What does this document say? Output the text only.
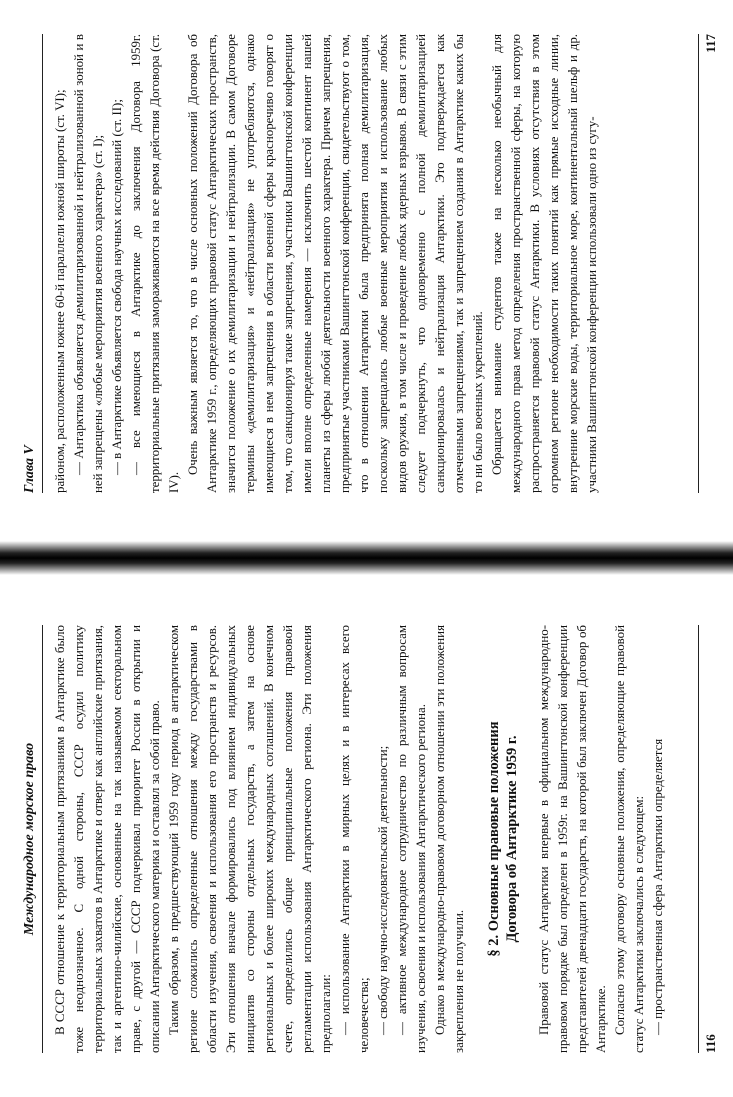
Международное морское право	В СССР отношение к территориальным притязаниям в Антарктике было тоже неоднозначное. С одной стороны, СССР осудил политику территориальных захватов в Антарктике и отверг как английские притязания, так и аргентино-чилийские, основанные на так называемом секторальном праве, с другой — СССР подчеркивал приоритет России в открытии и описании Антарктического материка и оставлял за собой право. Таким образом, в предшествующий 1959 году период в антарктическом регионе сложились определенные отношения между государствами в области изучения, освоения и использования его пространств и ресурсов. Эти отношения вначале формировались под влиянием индивидуальных инициатив со стороны отдельных государств, а затем на основе региональных и более широких международных соглашений. В конечном счете, определились общие принципиальные положения правовой регламентации использования Антарктического региона. Эти положения предполагали: — использование Антарктики в мирных целях и в интересах всего человечества; — свободу научно-исследовательской деятельности; — активное международное сотрудничество по различным вопросам изучения, освоения и использования Антарктического региона. Однако в международно-правовом договорном отношении эти положения закрепления не получили.

§ 2. Основные правовые положения Договора об Антарктике 1959 г. Правовой статус Антарктики впервые в официальном международно-правовом порядке был определен в 1959г. на Вашингтонской конференции представителей двенадцати государств, на которой был заключен Договор об Антарктике. Согласно этому договору основные положения, определяющие правовой статус Антарктики заключались в следующем: — пространственная сфера Антарктики определяется

116
Глава V	районом, расположенным южнее 60-й параллели южной широты (ст. VI); — Антарктика объявляется демилитаризованной и нейтрализованной зоной и в ней запрещены «любые мероприятия военного характера» (ст. I); — в Антарктике объявляется свобода научных исследований (ст. II); — все имеющиеся в Антарктике до заключения Договора 1959г. территориальные притязания замораживаются на все время действия Договора (ст. IV).

Очень важным является то, что в числе основных положений Договора об Антарктике 1959 г., определяющих правовой статус Антарктических пространств, значится положение о их демилитаризации и нейтрализации. В самом Договоре термины «демилитаризация» и «нейтрализация» не употребляются, однако имеющиеся в нем запрещения в области военной сферы красноречиво говорят о том, что санкционируя такие запрещения, участники Вашингтонской конференции имели вполне определенные намерения — исключить шестой континент нашей планеты из сферы любой деятельности военного характера. Причем запрещения, предпринятые участниками Вашингтонской конференции, свидетельствуют о том, что в отношении Антарктики была предпринята полная демилитаризация, поскольку запрещались любые военные мероприятия и использование любых видов оружия, в том числе и проведение любых ядерных взрывов. В связи с этим следует подчеркнуть, что одновременно с полной демилитаризацией санкционировалась и нейтрализация Антарктики. Это подтверждается как отмеченными запрещениями, так и запрещением создания в Антарктике каких бы то ни было военных укреплений. Обращается внимание студентов также на несколько необычный для международного права метод определения пространственной сферы, на которую распространяется правовой статус Антарктики. В условиях отсутствия в этом огромном регионе необходимости таких понятий как прямые исходные линии, внутренние морские воды, территориальное море, континентальный шельф и др. участники Вашингтонской конференции использовали одно из сугу-

117
